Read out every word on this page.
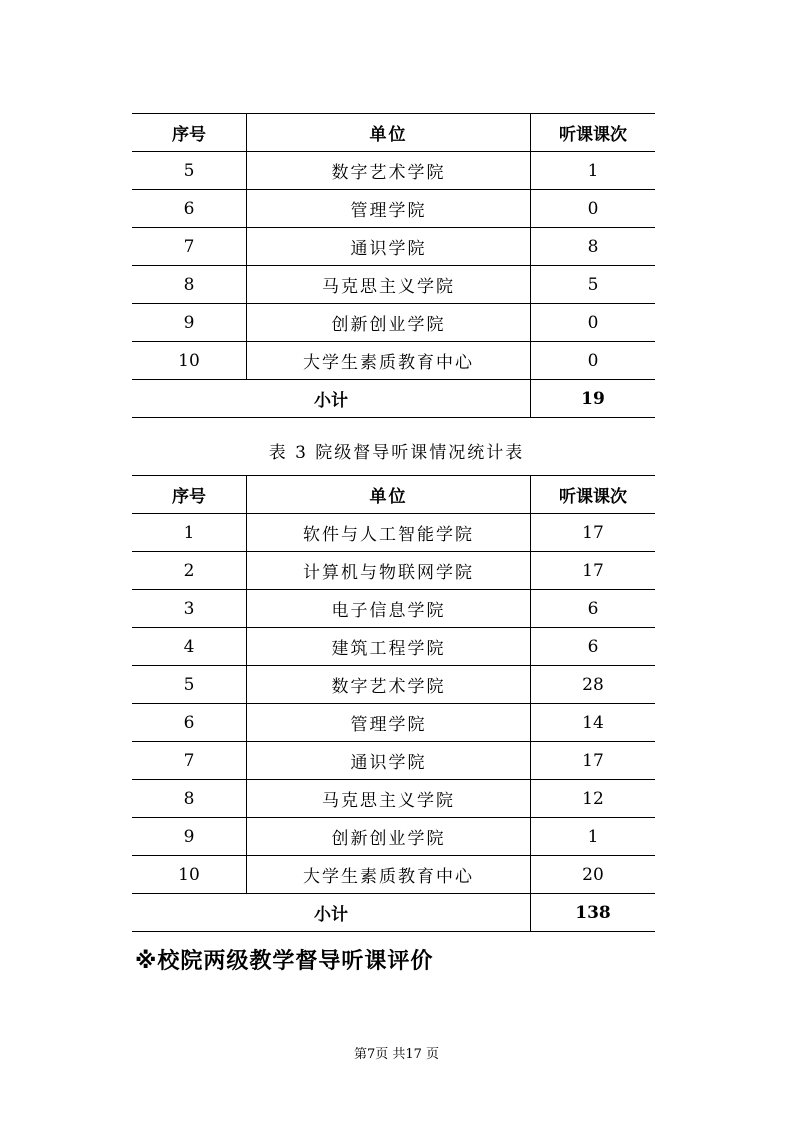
序号	单位	听课课次
5	数字艺术学院	1
6	管理学院	0
7	通识学院	8
8	马克思主义学院	5
9	创新创业学院	0
10	大学生素质教育中心	0
小计		19
表 3 院级督导听课情况统计表
序号	单位	听课课次
1	软件与人工智能学院	17
2	计算机与物联网学院	17
3	电子信息学院	6
4	建筑工程学院	6
5	数字艺术学院	28
6	管理学院	14
7	通识学院	17
8	马克思主义学院	12
9	创新创业学院	1
10	大学生素质教育中心	20
小计		138
※校院两级教学督导听课评价
第7页 共17 页
